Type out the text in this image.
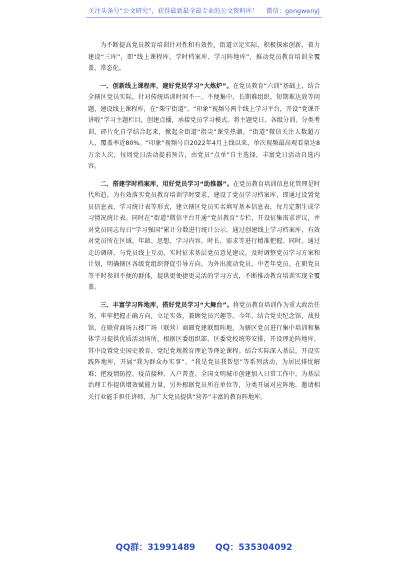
关注头条号“公文研究”，获得最新最全最专业的公文资料库！ 微信：gongwenyj

为不断提高党员教育培训针对性和有效性，街道立足实际，积极探索创新，着力建设“三库”，即“线上课程库、学时档案库、学习阵地库”，推动党员教育培训全覆盖、常态化。

一、创新线上课程库，建好党员学习“大炼炉”。在党员教育“六训”基础上，结合全辖区党员实际，针对传统培训时间不一、不便集中、长期难组织、短期难达效等问题，建设线上课程库，在“柴宁街道”、“印象”视频号两个线上学习平台，开设“党课开讲啦”学习主题栏目，创建点播，承接党员学习模式。将主题党日、各级分训、分类考训、碎片化自学结合起来，掀起全街道“指尖”课堂热潮。“街道”微信关注人数超万人，覆盖率近80%。“印象”视频号自2022年4月上线以来，单次视频最高观看量达8万余人次，每周党日活动提前预告，由党员“点单”自主选择，丰富党日活动自选内容。

二、搭建学时档案库，用好党员学习“助推器”。在党员教育培训信息化管理是时代所趋，为有效落实党员教育培训学时要求，建设了党员学习档案库，即通过设置党员信息表、学习统计表等形式，建立辖区党员实名填写基本信息表，每月定期生成学习情况统计表。同时在“街道”微信平台开通“党员教育”专栏，开设征集需求评议，并对党员同志每日“学习强国”累计分数进行统计公示。通过创建线上学习档案库，有效对党员所在区域、年龄、思想、学习内容、时长、需求等进行精准把握。同时，通过走访调研、与党员线上互动，实时征求基层党员意见建议，及时调整党员学习方案和计划，明确辖区各级党组织督促引导方向，为外出流动党员、中老年党员、在职党员等平时参训不便的群体，提供更便捷更灵活的学习方式，不断推动教育培训实现全覆盖。

三、丰富学习阵地库，搭好党员学习“大舞台”。将党员教育培训作为重大政治任务，牢牢把握正确方向，立足实效，兼顾党员兴趣等。今年，结合党史纪念馆、战役馆、在联营商场五楼广场（联营）商圈党建联盟阵地，为辖区党员进行集中培训和集体学习提供优质活动场所，根据区委组织部、区委党校统筹安排，开设理论阵地库，其中设置党史国史教育、党纪党规教育理论等理论课程。结合实际深入基层，开设实践阵地库，开展“我为群众办实事”、“我是党员我帮您”等系列活动，为居民排忧解难；把疫情防控、疫苗接种、入户普查、全国文明城市创建加入日常工作中，为基层治理工作提供增效赋能力量，另外根据党员所在单位等，分类开展对应阵地，邀请相关行业能手担任讲师，为广大党员提供“营养”丰富的教育阵地库。

QQ群：31991489 QQ：535304092
